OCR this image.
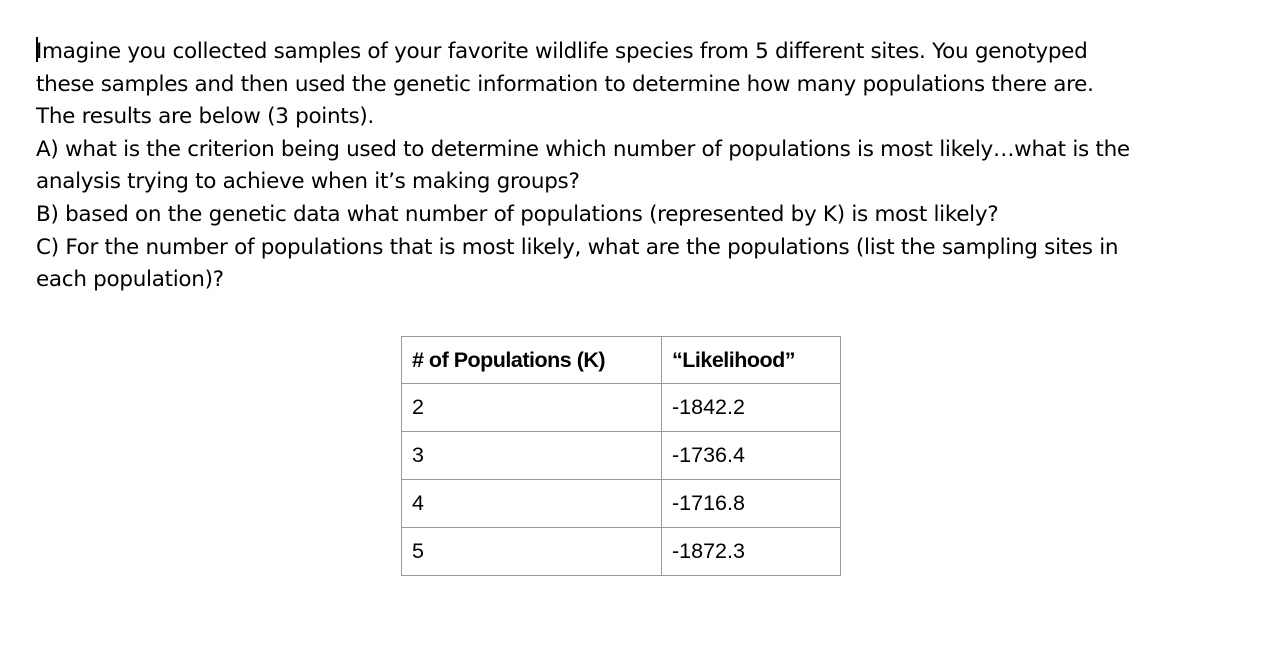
Imagine you collected samples of your favorite wildlife species from 5 different sites. You genotyped

these samples and then used the genetic information to determine how many populations there are.

The results are below (3 points).

A) what is the criterion being used to determine which number of populations is most likely…what is the

analysis trying to achieve when it’s making groups?

B) based on the genetic data what number of populations (represented by K) is most likely?

C) For the number of populations that is most likely, what are the populations (list the sampling sites in

each population)?

# of Populations (K)	“Likelihood”
2	-1842.2
3	-1736.4
4	-1716.8
5	-1872.3
